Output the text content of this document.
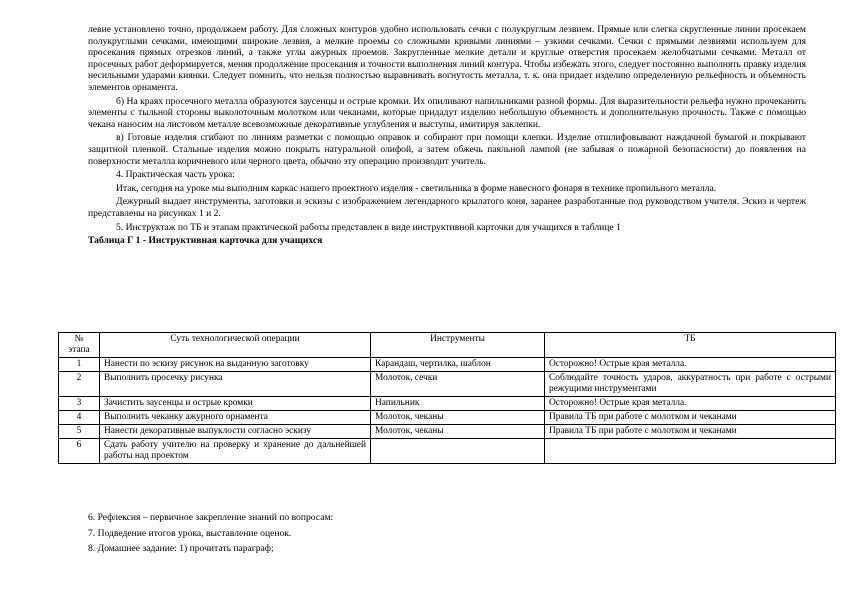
левие установлено точно, продолжаем работу. Для сложных контуров удобно использовать сечки с полукруглым лезвием. Прямые или слегка скругленные линии просекаем полукруглыми сечками, имеющими широкие лезвия, а мелкие проемы со сложными кривыми линиями – узкими сечками. Сечки с прямыми лезвиями используем для просекания прямых отрезков линий, а также углы ажурных проемов. Закругленные мелкие детали и круглые отверстия просекаем желобчатыми сечками. Металл от просечных работ деформируется, меняя продолжение просекания и точности выполнения линий контура. Чтобы избежать этого, следует постоянно выполнять правку изделия несильными ударами киянки. Следует помнить, что нельзя полностью выравнивать вогнутость металла, т. к. она придает изделию определенную рельефность и объемность элементов орнамента.

б) На краях просечного металла образуются заусенцы и острые кромки. Их опиливают напильниками разной формы. Для выразительности рельефа нужно прочеканить элементы с тыльной стороны выколоточным молотком или чеканами, которые придадут изделию небольшую объемность и дополнительную прочность. Также с помощью чекана наносим на листовом металле всевозможные декоративные углубления и выступы, имитируя заклепки.

в) Готовые изделия сгибают по линиям разметки с помощью оправок и собирают при помощи клепки. Изделие отшлифовывают наждачной бумагой и покрывают защитной пленкой. Стальные изделия можно покрыть натуральной олифой, а затем обжечь паяльной лампой (не забывая о пожарной безопасности) до появления на поверхности металла коричневого или черного цвета, обычно эту операцию производит учитель.

4. Практическая часть урока:

Итак, сегодня на уроке мы выполним каркас нашего проектного изделия - светильника в форме навесного фонаря в технике пропильного металла.

Дежурный выдает инструменты, заготовки и эскизы с изображением легендарного крылатого коня, заранее разработанные под руководством учителя. Эскиз и чертеж представлены на рисунках 1 и 2.

5. Инструктаж по ТБ и этапам практической работы представлен в виде инструктивной карточки для учащихся в таблице 1

Таблица Г 1 - Инструктивная карточка для учащихся

№ этапа	Суть технологической операции	Инструменты	ТБ
1	Нанести по эскизу рисунок на выданную заготовку	Карандаш, чертилка, шаблон	Осторожно! Острые края металла.
2	Выполнить просечку рисунка	Молоток, сечки	Соблюдайте точность ударов, аккуратность при работе с острыми режущими инструментами
3	Зачистить заусенцы и острые кромки	Напильник	Осторожно! Острые края металла.
4	Выполнить чеканку ажурного орнамента	Молоток, чеканы	Правила ТБ при работе с молотком и чеканами
5	Нанести декоративные выпуклости согласно эскизу	Молоток, чеканы	Правила ТБ при работе с молотком и чеканами
6	Сдать работу учителю на проверку и хранение до дальнейшей работы над проектом		

6. Рефлексия – первичное закрепление знаний по вопросам:

7. Подведение итогов урока, выставление оценок.

8. Домашнее задание: 1) прочитать параграф;
